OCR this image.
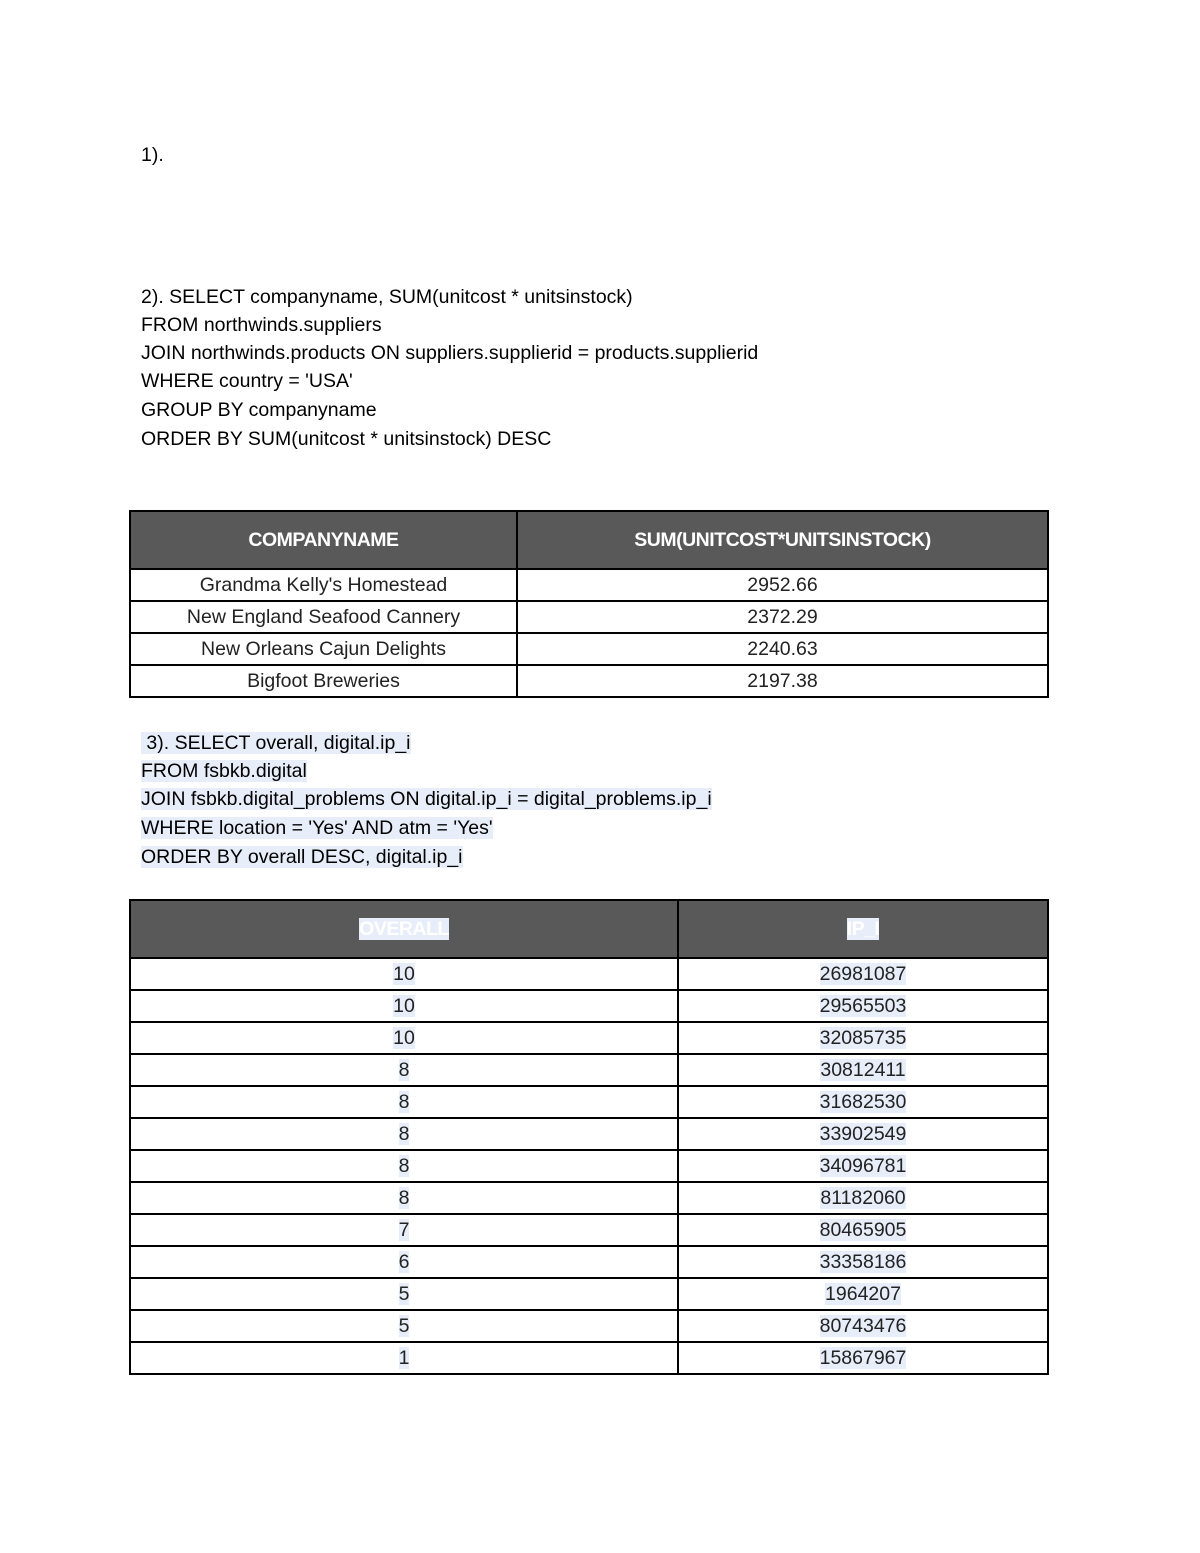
1).
2). SELECT companyname, SUM(unitcost * unitsinstock)
FROM northwinds.suppliers
JOIN northwinds.products ON suppliers.supplierid = products.supplierid
WHERE country = 'USA'
GROUP BY companyname
ORDER BY SUM(unitcost * unitsinstock) DESC
COMPANYNAME	SUM(UNITCOST*UNITSINSTOCK)
Grandma Kelly's Homestead	2952.66
New England Seafood Cannery	2372.29
New Orleans Cajun Delights	2240.63
Bigfoot Breweries	2197.38
3). SELECT overall, digital.ip_i
FROM fsbkb.digital
JOIN fsbkb.digital_problems ON digital.ip_i = digital_problems.ip_i
WHERE location = 'Yes' AND atm = 'Yes'
ORDER BY overall DESC, digital.ip_i
OVERALL	IP_I
10	26981087
10	29565503
10	32085735
8	30812411
8	31682530
8	33902549
8	34096781
8	81182060
7	80465905
6	33358186
5	1964207
5	80743476
1	15867967
